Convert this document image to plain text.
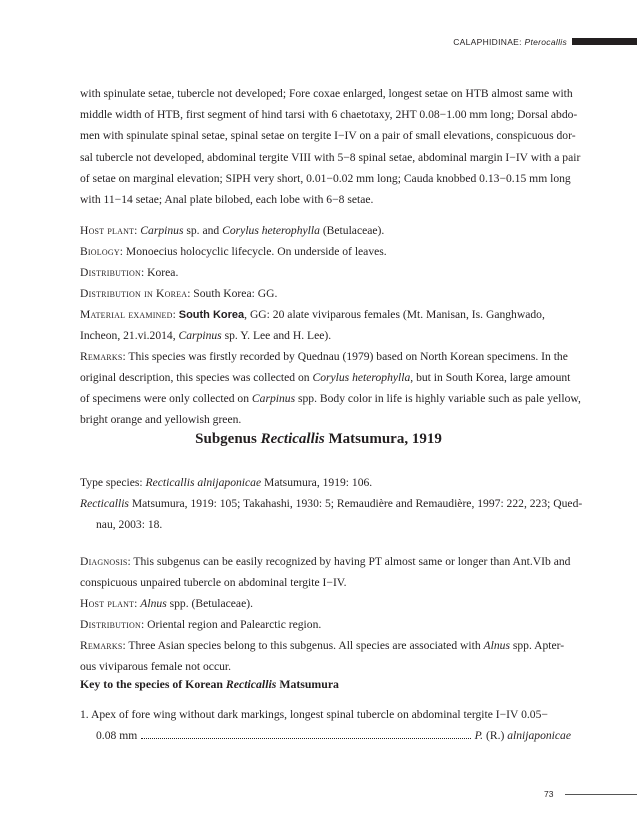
CALAPHIDINAE: Pterocallis

with spinulate setae, tubercle not developed; Fore coxae enlarged, longest setae on HTB almost same with

middle width of HTB, first segment of hind tarsi with 6 chaetotaxy, 2HT 0.08−1.00 mm long; Dorsal abdo-

men with spinulate spinal setae, spinal setae on tergite I−IV on a pair of small elevations, conspicuous dor-

sal tubercle not developed, abdominal tergite VIII with 5−8 spinal setae, abdominal margin I−IV with a pair

of setae on marginal elevation; SIPH very short, 0.01−0.02 mm long; Cauda knobbed 0.13−0.15 mm long

with 11−14 setae; Anal plate bilobed, each lobe with 6−8 setae.

Host plant: Carpinus sp. and Corylus heterophylla (Betulaceae).

Biology: Monoecius holocyclic lifecycle. On underside of leaves.

Distribution: Korea.

Distribution in Korea: South Korea: GG.

Material examined: South Korea, GG: 20 alate viviparous females (Mt. Manisan, Is. Ganghwado,

Incheon, 21.vi.2014, Carpinus sp. Y. Lee and H. Lee).

Remarks: This species was firstly recorded by Quednau (1979) based on North Korean specimens. In the

original description, this species was collected on Corylus heterophylla, but in South Korea, large amount

of specimens were only collected on Carpinus spp. Body color in life is highly variable such as pale yellow,

bright orange and yellowish green.

Subgenus Recticallis Matsumura, 1919

Type species: Recticallis alnijaponicae Matsumura, 1919: 106.

Recticallis Matsumura, 1919: 105; Takahashi, 1930: 5; Remaudière and Remaudière, 1997: 222, 223; Qued-

nau, 2003: 18.

Diagnosis: This subgenus can be easily recognized by having PT almost same or longer than Ant.VIb and

conspicuous unpaired tubercle on abdominal tergite I−IV.

Host plant: Alnus spp. (Betulaceae).

Distribution: Oriental region and Palearctic region.

Remarks: Three Asian species belong to this subgenus. All species are associated with Alnus spp. Apter-

ous viviparous female not occur.

Key to the species of Korean Recticallis Matsumura
1. Apex of fore wing without dark markings, longest spinal tubercle on abdominal tergite I−IV 0.05−
0.08 mm	P. (R.) alnijaponicae
73
